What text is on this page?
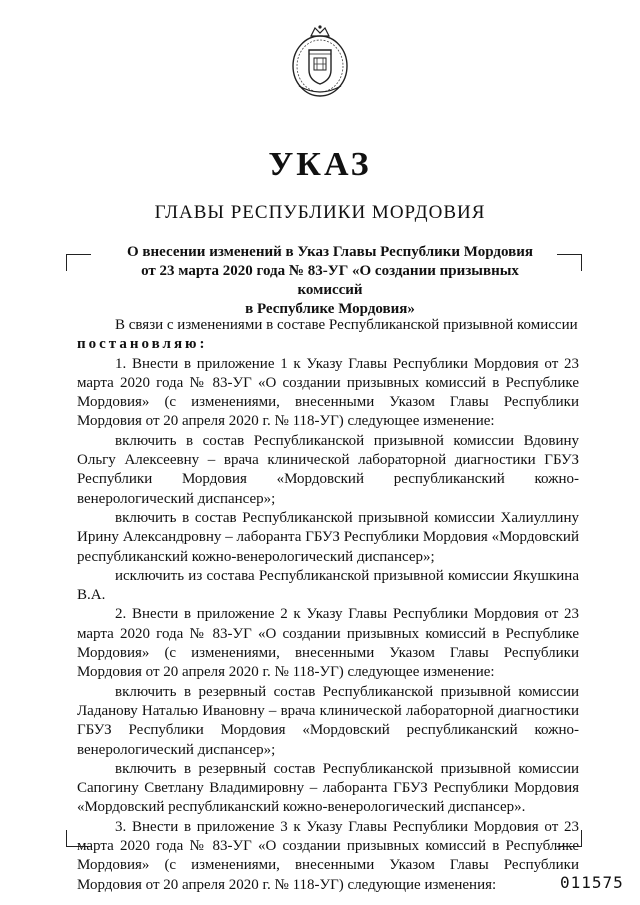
УКАЗ
ГЛАВЫ РЕСПУБЛИКИ МОРДОВИЯ
О внесении изменений в Указ Главы Республики Мордовия
от 23 марта 2020 года № 83-УГ «О создании призывных комиссий
в Республике Мордовия»

В связи с изменениями в составе Республиканской призывной комиссии

постановляю:

1. Внести в приложение 1 к Указу Главы Республики Мордовия от 23 марта 2020 года № 83-УГ «О создании призывных комиссий в Республике Мордовия» (с изменениями, внесенными Указом Главы Республики Мордовия от 20 апреля 2020 г. № 118-УГ) следующее изменение:

включить в состав Республиканской призывной комиссии Вдовину Ольгу Алексеевну – врача клинической лабораторной диагностики ГБУЗ Республики Мордовия «Мордовский республиканский кожно-венерологический диспансер»;

включить в состав Республиканской призывной комиссии Халиуллину Ирину Александровну – лаборанта ГБУЗ Республики Мордовия «Мордовский республиканский кожно-венерологический диспансер»;

исключить из состава Республиканской призывной комиссии Якушкина В.А.

2. Внести в приложение 2 к Указу Главы Республики Мордовия от 23 марта 2020 года № 83-УГ «О создании призывных комиссий в Республике Мордовия» (с изменениями, внесенными Указом Главы Республики Мордовия от 20 апреля 2020 г. № 118-УГ) следующее изменение:

включить в резервный состав Республиканской призывной комиссии Ладанову Наталью Ивановну – врача клинической лабораторной диагностики ГБУЗ Республики Мордовия «Мордовский республиканский кожно-венерологический диспансер»;

включить в резервный состав Республиканской призывной комиссии Сапогину Светлану Владимировну – лаборанта ГБУЗ Республики Мордовия «Мордовский республиканский кожно-венерологический диспансер».

3. Внести в приложение 3 к Указу Главы Республики Мордовия от 23 марта 2020 года № 83-УГ «О создании призывных комиссий в Республике Мордовия» (с изменениями, внесенными Указом Главы Республики Мордовия от 20 апреля 2020 г. № 118-УГ) следующие изменения:	011575
